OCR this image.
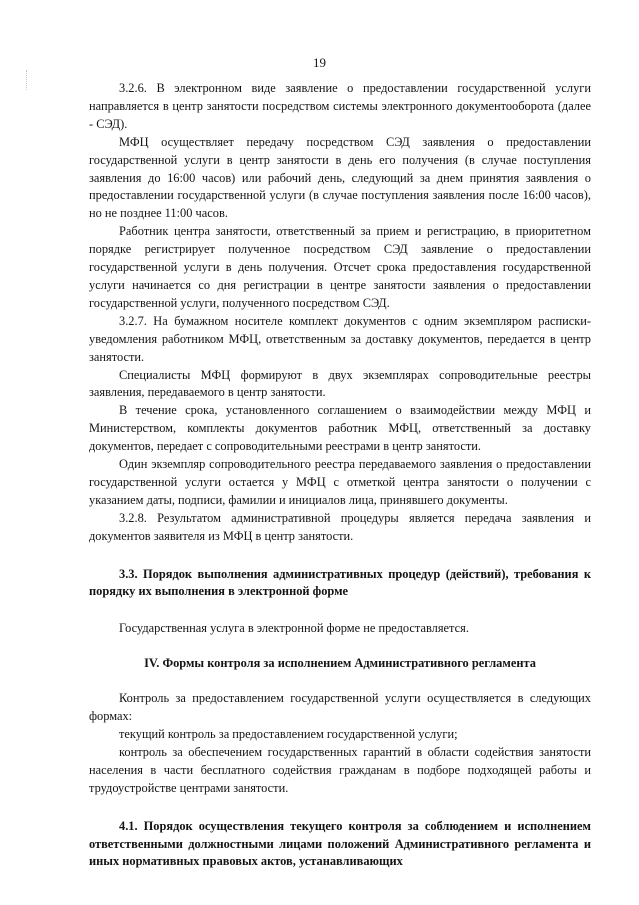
19

3.2.6. В электронном виде заявление о предоставлении государственной услуги направляется в центр занятости посредством системы электронного документооборота (далее - СЭД).

МФЦ осуществляет передачу посредством СЭД заявления о предоставлении государственной услуги в центр занятости в день его получения (в случае поступления заявления до 16:00 часов) или рабочий день, следующий за днем принятия заявления о предоставлении государственной услуги (в случае поступления заявления после 16:00 часов), но не позднее 11:00 часов.

Работник центра занятости, ответственный за прием и регистрацию, в приоритетном порядке регистрирует полученное посредством СЭД заявление о предоставлении государственной услуги в день получения. Отсчет срока предоставления государственной услуги начинается со дня регистрации в центре занятости заявления о предоставлении государственной услуги, полученного посредством СЭД.

3.2.7. На бумажном носителе комплект документов с одним экземпляром расписки-уведомления работником МФЦ, ответственным за доставку документов, передается в центр занятости.

Специалисты МФЦ формируют в двух экземплярах сопроводительные реестры заявления, передаваемого в центр занятости.

В течение срока, установленного соглашением о взаимодействии между МФЦ и Министерством, комплекты документов работник МФЦ, ответственный за доставку документов, передает с сопроводительными реестрами в центр занятости.

Один экземпляр сопроводительного реестра передаваемого заявления о предоставлении государственной услуги остается у МФЦ с отметкой центра занятости о получении с указанием даты, подписи, фамилии и инициалов лица, принявшего документы.

3.2.8. Результатом административной процедуры является передача заявления и документов заявителя из МФЦ в центр занятости.

3.3. Порядок выполнения административных процедур (действий), требования к порядку их выполнения в электронной форме

Государственная услуга в электронной форме не предоставляется.

IV. Формы контроля за исполнением Административного регламента

Контроль за предоставлением государственной услуги осуществляется в следующих формах:

текущий контроль за предоставлением государственной услуги;

контроль за обеспечением государственных гарантий в области содействия занятости населения в части бесплатного содействия гражданам в подборе подходящей работы и трудоустройстве центрами занятости.

4.1. Порядок осуществления текущего контроля за соблюдением и исполнением ответственными должностными лицами положений Административного регламента и иных нормативных правовых актов, устанавливающих
